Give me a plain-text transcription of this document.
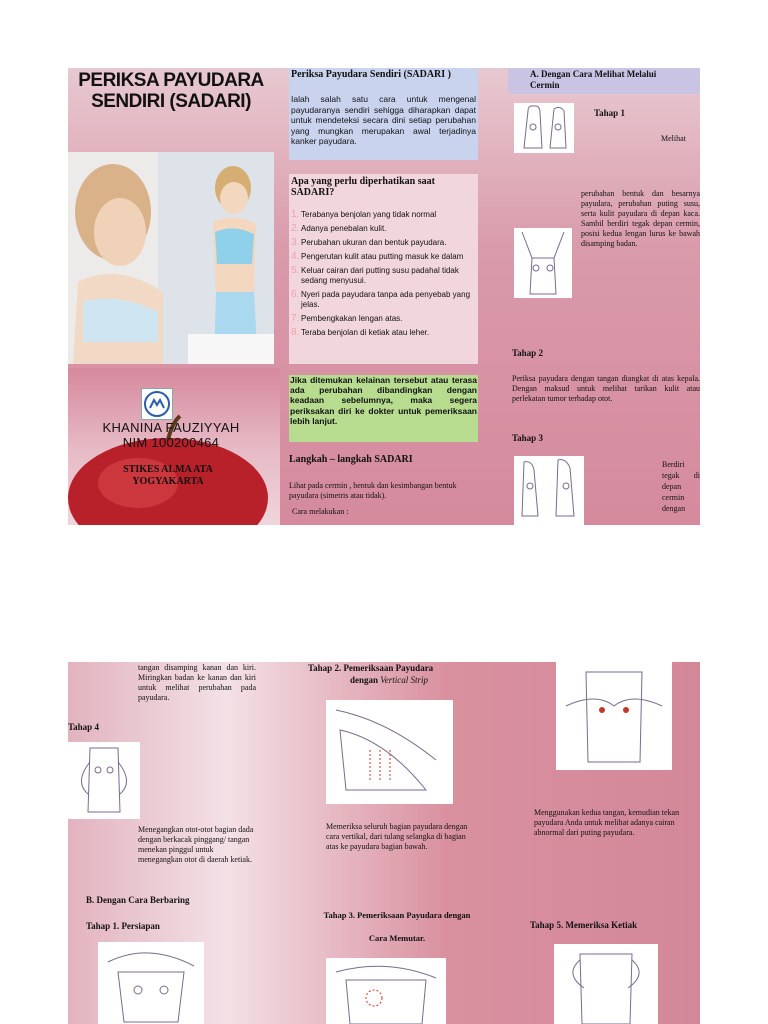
PERIKSA PAYUDARA SENDIRI (SADARI)
KHANINA FAUZIYYAH
NIM 100200464
STIKES ALMA ATA YOGYAKARTA
Periksa Payudara Sendiri (SADARI )
Ialah salah satu cara untuk mengenal payudaranya sendiri sehigga diharapkan dapat untuk mendeteksi secara dini setiap perubahan yang mungkan merupakan awal terjadinya kanker payudara.
Apa yang perlu diperhatikan saat SADARI?
1. Terabanya benjolan yang tidak normal
2. Adanya penebalan kulit.
3. Perubahan ukuran dan bentuk payudara.
4. Pengerutan kulit atau putting masuk ke dalam
5. Keluar cairan dari putting susu padahal tidak sedang menyusui.
6. Nyeri pada payudara tanpa ada penyebab yang jelas.
7. Pembengkakan lengan atas.
8. Teraba benjolan di ketiak atau leher.
Jika ditemukan kelainan tersebut atau terasa ada perubahan dibandingkan dengan keadaan sebelumnya, maka segera periksakan diri ke dokter untuk pemeriksaan lebih lanjut.
Langkah – langkah SADARI
Lihat pada cermin , bentuk dan kesimbangan bentuk payudara (simetris atau tidak).
Cara melakukan :
A. Dengan Cara Melihat Melalui Cermin
Tahap 1
Melihat
perubahan bentuk dan besarnya payudara, perubahan puting susu, serta kulit payudara di depan kaca. Sambil berdiri tegak depan cermin, posisi kedua lengan lurus ke bawah disamping badan.
Tahap 2
Periksa payudara dengan tangan diangkat di atas kepala. Dengan maksud untuk melihat tarikan kulit atau perlekatan tumor terhadap otot.
Tahap 3
Berdiri tegak di depan cermin dengan
tangan disamping kanan dan kiri. Miringkan badan ke kanan dan kiri untuk melihat perubahan pada payudara.
Tahap 4
Menegangkan otot-otot bagian dada dengan berkacak pinggang/ tangan menekan pinggul untuk menegangkan otot di daerah ketiak.
B. Dengan Cara Berbaring
Tahap 1. Persiapan
Tahap 2. Pemeriksaan Payudara
dengan Vertical Strip
Memeriksa seluruh bagian payudara dengan cara vertikal, dari tulang selangka di bagian atas ke payudara bagian bawah.
Tahap 3. Pemeriksaan Payudara dengan
Cara Memutar.
Menggunakan kedua tangan, kemudian tekan payudara Anda untuk melihat adanya cairan abnormal dari puting payudara.
Tahap 5. Memeriksa Ketiak
